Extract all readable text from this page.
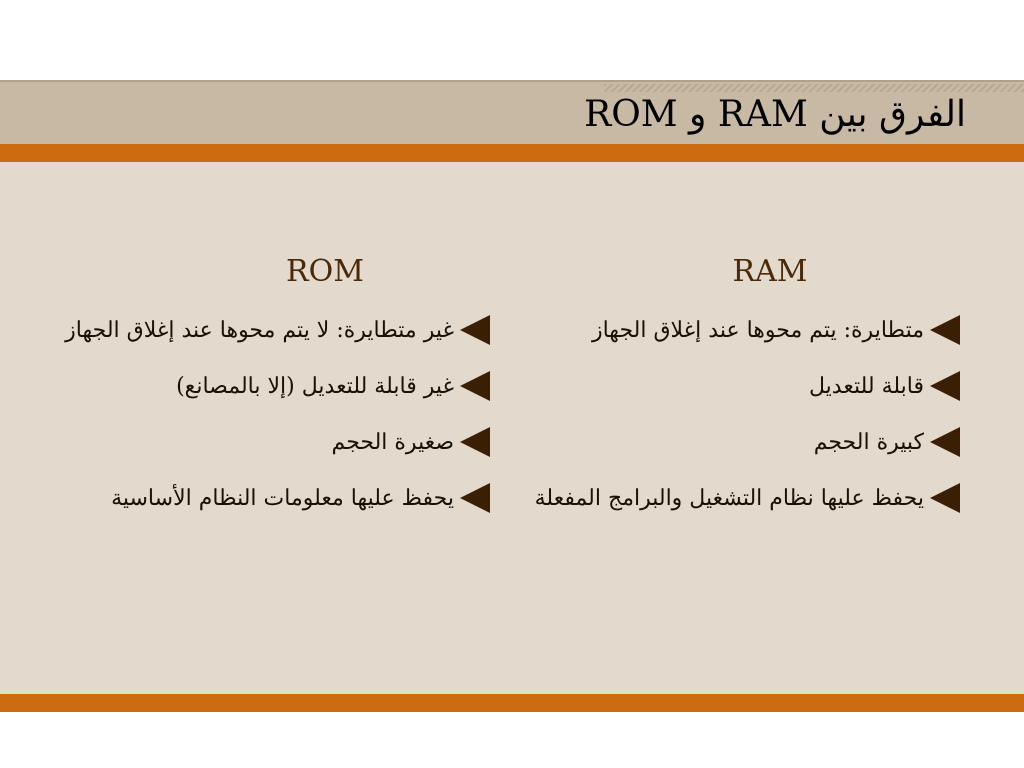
الفرق بين RAM و ROM
RAM
متطايرة: يتم محوها عند إغلاق الجهاز
قابلة للتعديل
كبيرة الحجم
يحفظ عليها نظام التشغيل والبرامج المفعلة
ROM
غير متطايرة: لا يتم محوها عند إغلاق الجهاز
غير قابلة للتعديل (إلا بالمصانع)
صغيرة الحجم
يحفظ عليها معلومات النظام الأساسية
